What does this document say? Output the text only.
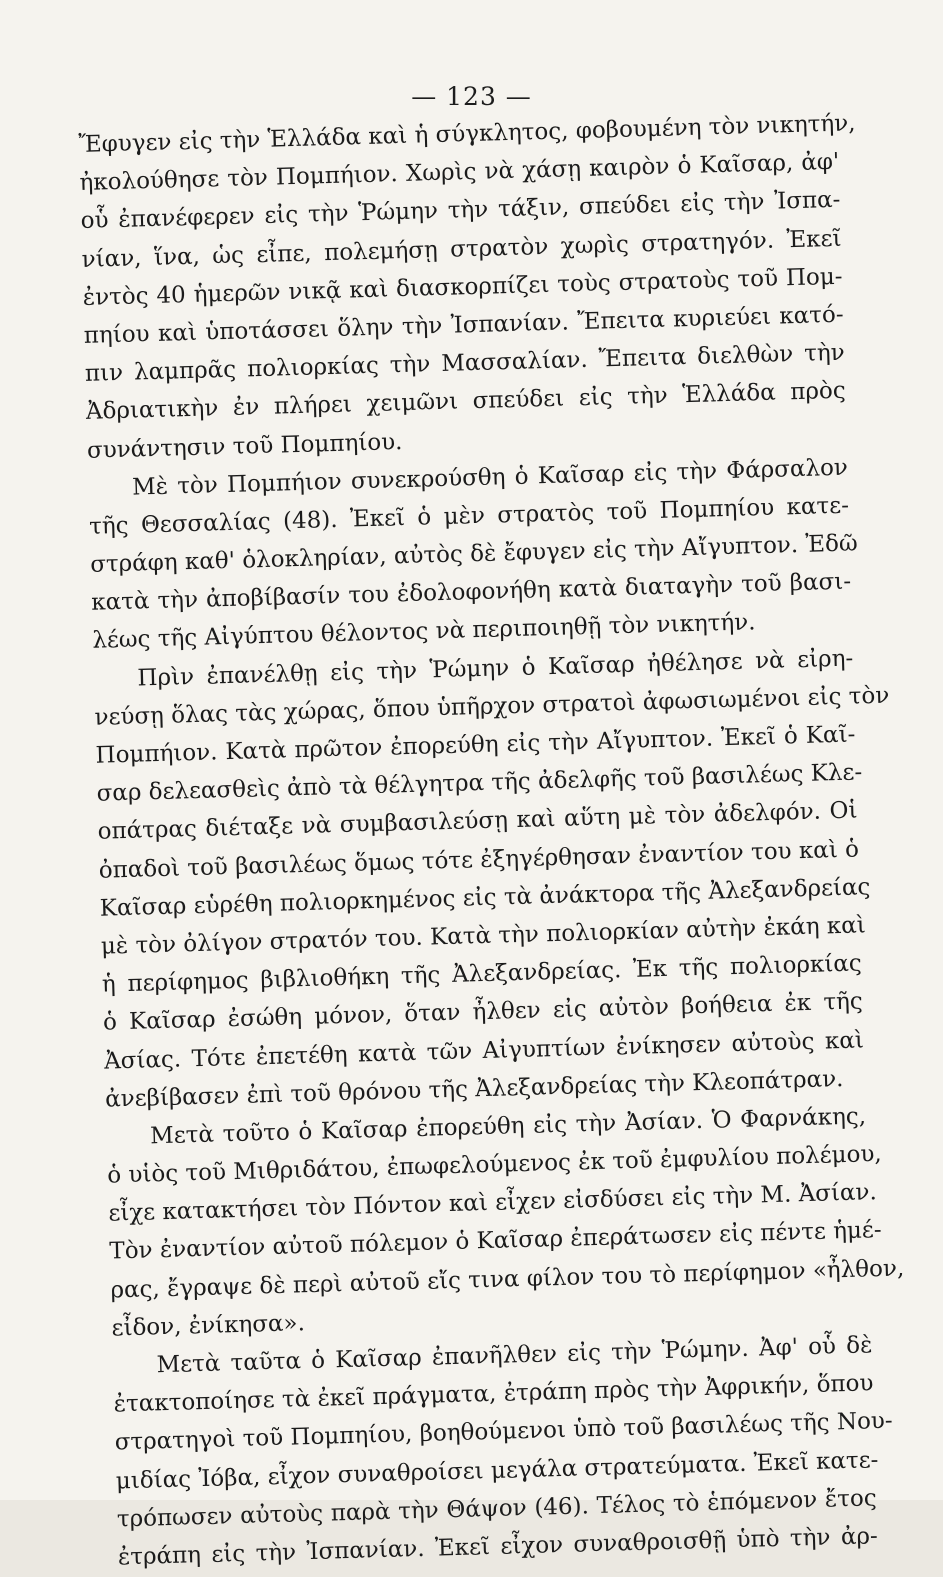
— 123 —
Ἔφυγεν εἰς τὴν Ἑλλάδα καὶ ἡ σύγκλητος, φοβουμένη τὸν νικητήν,
ἠκολούθησε τὸν Πομπήιον. Χωρὶς νὰ χάσῃ καιρὸν ὁ Καῖσαρ, ἀφ'
οὗ ἐπανέφερεν εἰς τὴν Ῥώμην τὴν τάξιν, σπεύδει εἰς τὴν Ἰσπα-
νίαν, ἵνα, ὡς εἶπε, πολεμήσῃ στρατὸν χωρὶς στρατηγόν. Ἐκεῖ
ἐντὸς 40 ἡμερῶν νικᾷ καὶ διασκορπίζει τοὺς στρατοὺς τοῦ Πομ-
πηίου καὶ ὑποτάσσει ὅλην τὴν Ἰσπανίαν. Ἔπειτα κυριεύει κατό-
πιν λαμπρᾶς πολιορκίας τὴν Μασσαλίαν. Ἔπειτα διελθὼν τὴν
Ἀδριατικὴν ἐν πλήρει χειμῶνι σπεύδει εἰς τὴν Ἑλλάδα πρὸς
συνάντησιν τοῦ Πομπηίου.
Μὲ τὸν Πομπήιον συνεκρούσθη ὁ Καῖσαρ εἰς τὴν Φάρσαλον
τῆς Θεσσαλίας (48). Ἐκεῖ ὁ μὲν στρατὸς τοῦ Πομπηίου κατε-
στράφη καθ' ὁλοκληρίαν, αὐτὸς δὲ ἔφυγεν εἰς τὴν Αἴγυπτον. Ἐδῶ
κατὰ τὴν ἀποβίβασίν του ἐδολοφονήθη κατὰ διαταγὴν τοῦ βασι-
λέως τῆς Αἰγύπτου θέλοντος νὰ περιποιηθῇ τὸν νικητήν.
Πρὶν ἐπανέλθῃ εἰς τὴν Ῥώμην ὁ Καῖσαρ ἠθέλησε νὰ εἰρη-
νεύσῃ ὅλας τὰς χώρας, ὅπου ὑπῆρχον στρατοὶ ἀφωσιωμένοι εἰς τὸν
Πομπήιον. Κατὰ πρῶτον ἐπορεύθη εἰς τὴν Αἴγυπτον. Ἐκεῖ ὁ Καῖ-
σαρ δελεασθεὶς ἀπὸ τὰ θέλγητρα τῆς ἀδελφῆς τοῦ βασιλέως Κλε-
οπάτρας διέταξε νὰ συμβασιλεύσῃ καὶ αὕτη μὲ τὸν ἀδελφόν. Οἱ
ὀπαδοὶ τοῦ βασιλέως ὅμως τότε ἐξηγέρθησαν ἐναντίον του καὶ ὁ
Καῖσαρ εὑρέθη πολιορκημένος εἰς τὰ ἀνάκτορα τῆς Ἀλεξανδρείας
μὲ τὸν ὀλίγον στρατόν του. Κατὰ τὴν πολιορκίαν αὐτὴν ἐκάη καὶ
ἡ περίφημος βιβλιοθήκη τῆς Ἀλεξανδρείας. Ἐκ τῆς πολιορκίας
ὁ Καῖσαρ ἐσώθη μόνον, ὅταν ἦλθεν εἰς αὐτὸν βοήθεια ἐκ τῆς
Ἀσίας. Τότε ἐπετέθη κατὰ τῶν Αἰγυπτίων ἐνίκησεν αὐτοὺς καὶ
ἀνεβίβασεν ἐπὶ τοῦ θρόνου τῆς Ἀλεξανδρείας τὴν Κλεοπάτραν.
Μετὰ τοῦτο ὁ Καῖσαρ ἐπορεύθη εἰς τὴν Ἀσίαν. Ὁ Φαρνάκης,
ὁ υἱὸς τοῦ Μιθριδάτου, ἐπωφελούμενος ἐκ τοῦ ἐμφυλίου πολέμου,
εἶχε κατακτήσει τὸν Πόντον καὶ εἶχεν εἰσδύσει εἰς τὴν Μ. Ἀσίαν.
Τὸν ἐναντίον αὐτοῦ πόλεμον ὁ Καῖσαρ ἐπεράτωσεν εἰς πέντε ἡμέ-
ρας, ἔγραψε δὲ περὶ αὐτοῦ εἴς τινα φίλον του τὸ περίφημον «ἦλθον,
εἶδον, ἐνίκησα».
Μετὰ ταῦτα ὁ Καῖσαρ ἐπανῆλθεν εἰς τὴν Ῥώμην. Ἀφ' οὗ δὲ
ἐτακτοποίησε τὰ ἐκεῖ πράγματα, ἐτράπη πρὸς τὴν Ἀφρικήν, ὅπου
στρατηγοὶ τοῦ Πομπηίου, βοηθούμενοι ὑπὸ τοῦ βασιλέως τῆς Νου-
μιδίας Ἰόβα, εἶχον συναθροίσει μεγάλα στρατεύματα. Ἐκεῖ κατε-
τρόπωσεν αὐτοὺς παρὰ τὴν Θάψον (46). Τέλος τὸ ἑπόμενον ἔτος
ἐτράπη εἰς τὴν Ἰσπανίαν. Ἐκεῖ εἶχον συναθροισθῇ ὑπὸ τὴν ἀρ-
